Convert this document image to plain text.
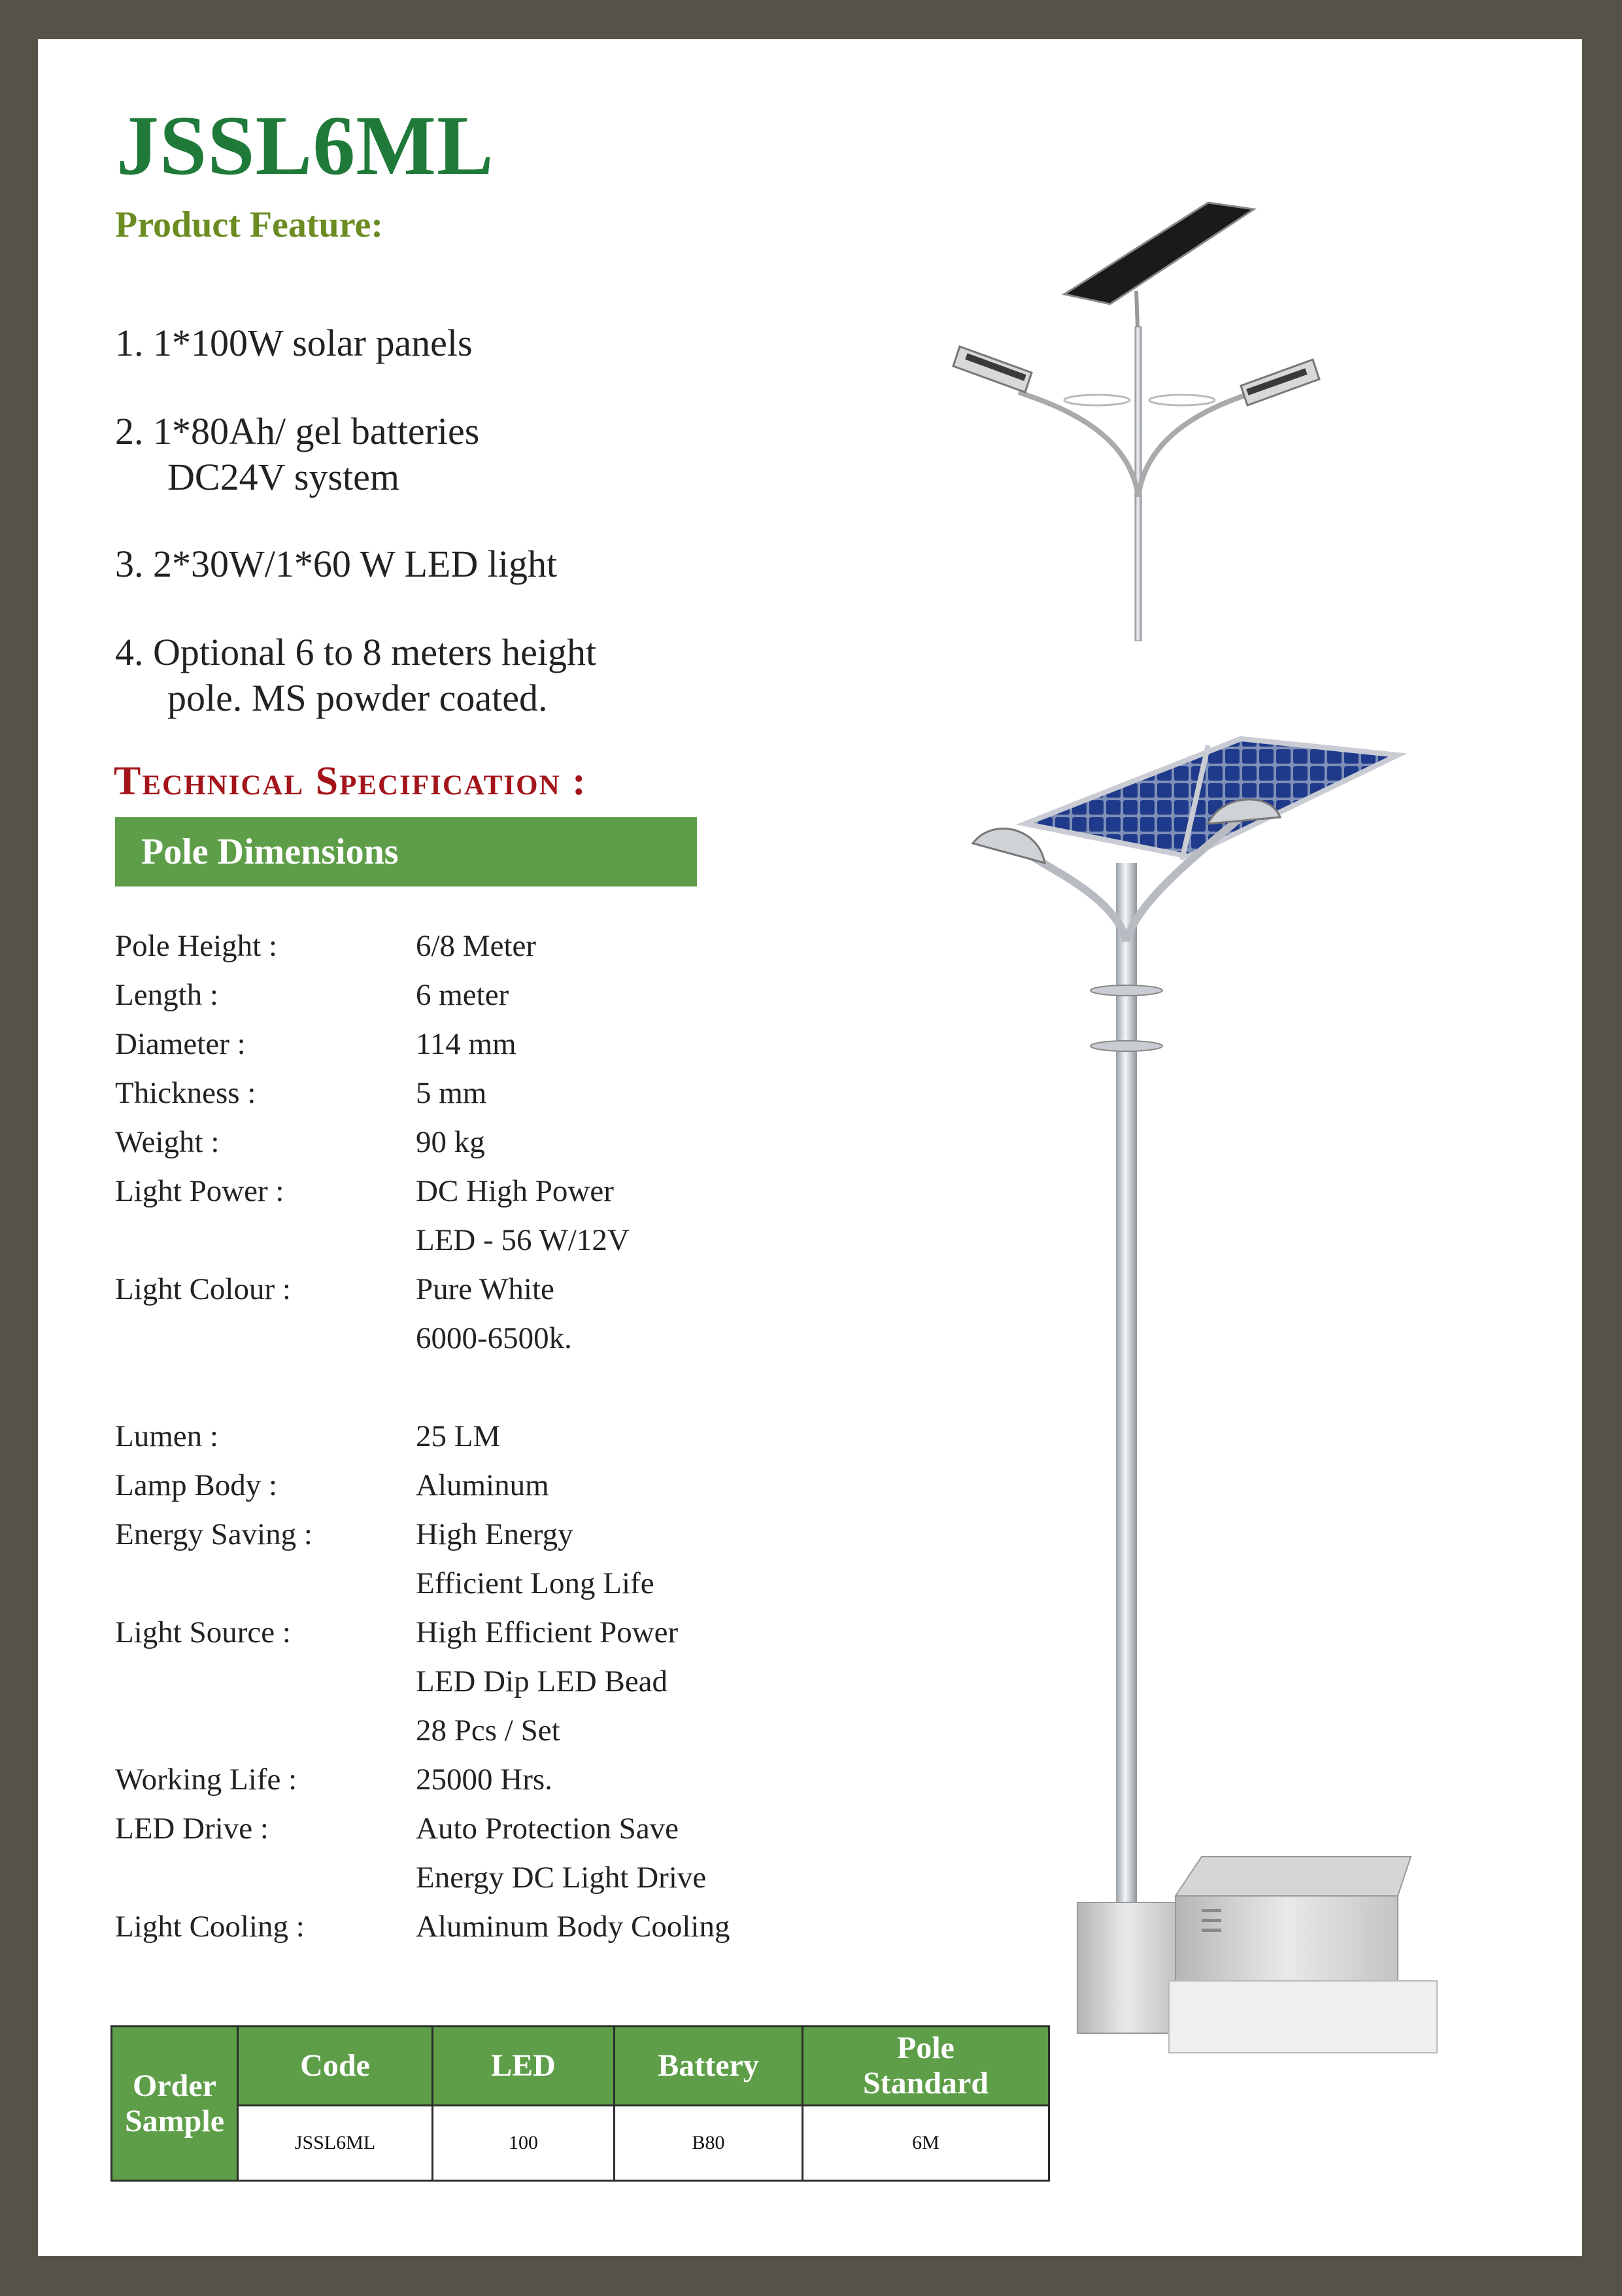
JSSL6ML
Product Feature:
1. 1*100W solar panels
2. 1*80Ah/ gel batteries
DC24V system
3. 2*30W/1*60 W LED light
4. Optional 6 to 8 meters height
pole. MS powder coated.
Technical Specification :
Pole Dimensions
Pole Height :	6/8 Meter
Length :	6 meter
Diameter :	114 mm
Thickness :	5 mm
Weight :	90 kg
Light Power :	DC High Power
LED - 56 W/12V
Light Colour :	Pure White
6000-6500k.
Lumen :	25 LM
Lamp Body :	Aluminum
Energy Saving :	High Energy
Efficient Long Life
Light Source :	High Efficient Power
LED Dip LED Bead
28 Pcs / Set
Working Life :	25000 Hrs.
LED Drive :	Auto Protection Save
Energy DC Light Drive
Light Cooling :	Aluminum Body Cooling
Order
Sample	Code	LED	Battery	Pole
Standard
	JSSL6ML	100	B80	6M
